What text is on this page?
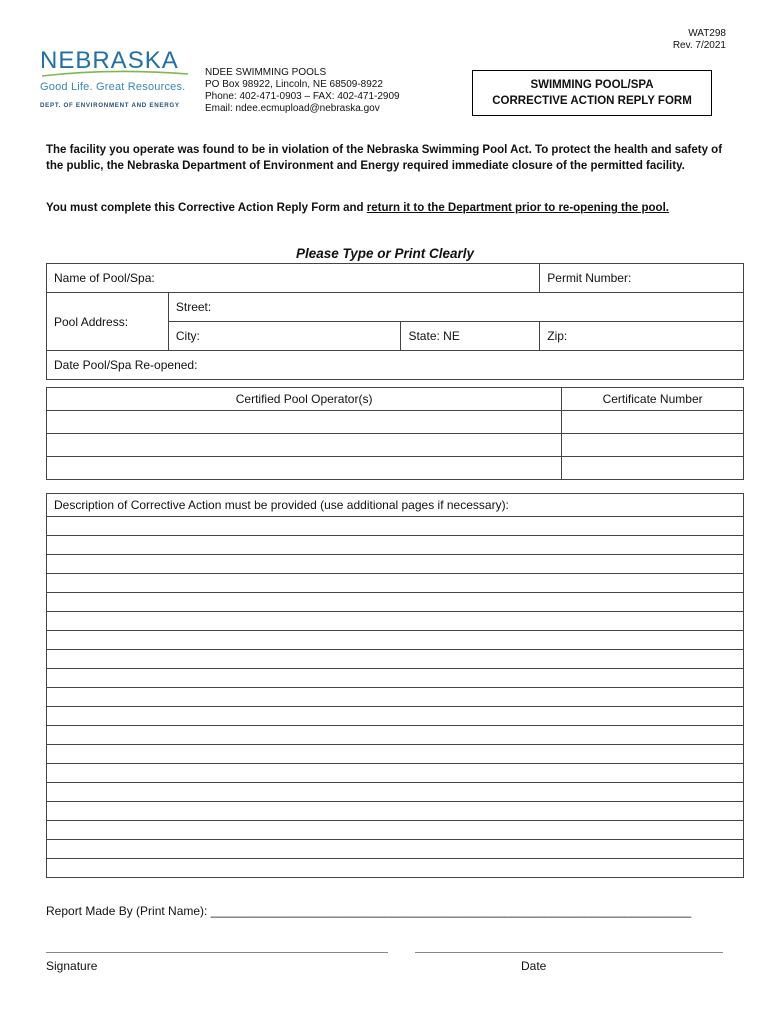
WAT298
Rev. 7/2021
NEBRASKA
Good Life. Great Resources.
DEPT. OF ENVIRONMENT AND ENERGY
NDEE SWIMMING POOLS
PO Box 98922, Lincoln, NE 68509-8922
Phone: 402-471-0903 – FAX: 402-471-2909
Email: ndee.ecmupload@nebraska.gov
SWIMMING POOL/SPA
CORRECTIVE ACTION REPLY FORM
The facility you operate was found to be in violation of the Nebraska Swimming Pool Act. To protect the health and safety of the public, the Nebraska Department of Environment and Energy required immediate closure of the permitted facility.
You must complete this Corrective Action Reply Form and return it to the Department prior to re-opening the pool.
Please Type or Print Clearly
Name of Pool/Spa:			Permit Number:
Pool Address:	Street:		
	City:	State: NE	Zip:
Date Pool/Spa Re-opened:			
Certified Pool Operator(s)	Certificate Number

Description of Corrective Action must be provided (use additional pages if necessary):

Report Made By (Print Name): ________________________________________________________________________
Signature	Date
